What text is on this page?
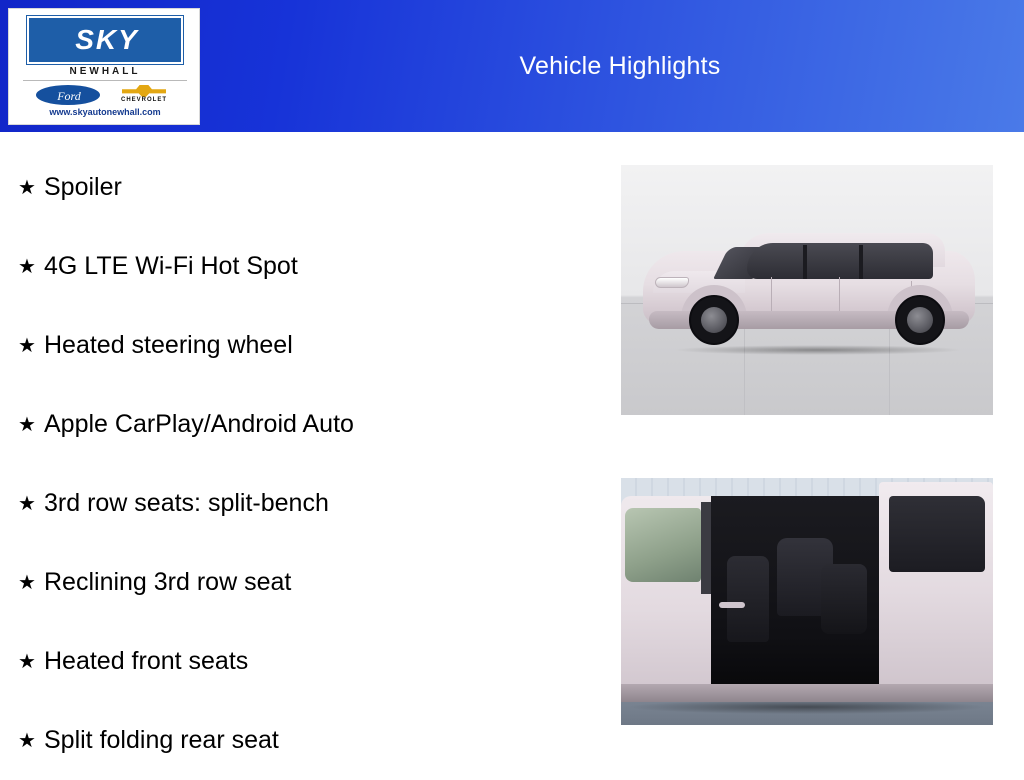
Vehicle Highlights
SKY
NEWHALL
Ford	CHEVROLET
www.skyautonewhall.com
★ Spoiler
★ 4G LTE Wi-Fi Hot Spot
★ Heated steering wheel
★ Apple CarPlay/Android Auto
★ 3rd row seats: split-bench
★ Reclining 3rd row seat
★ Heated front seats
★ Split folding rear seat
